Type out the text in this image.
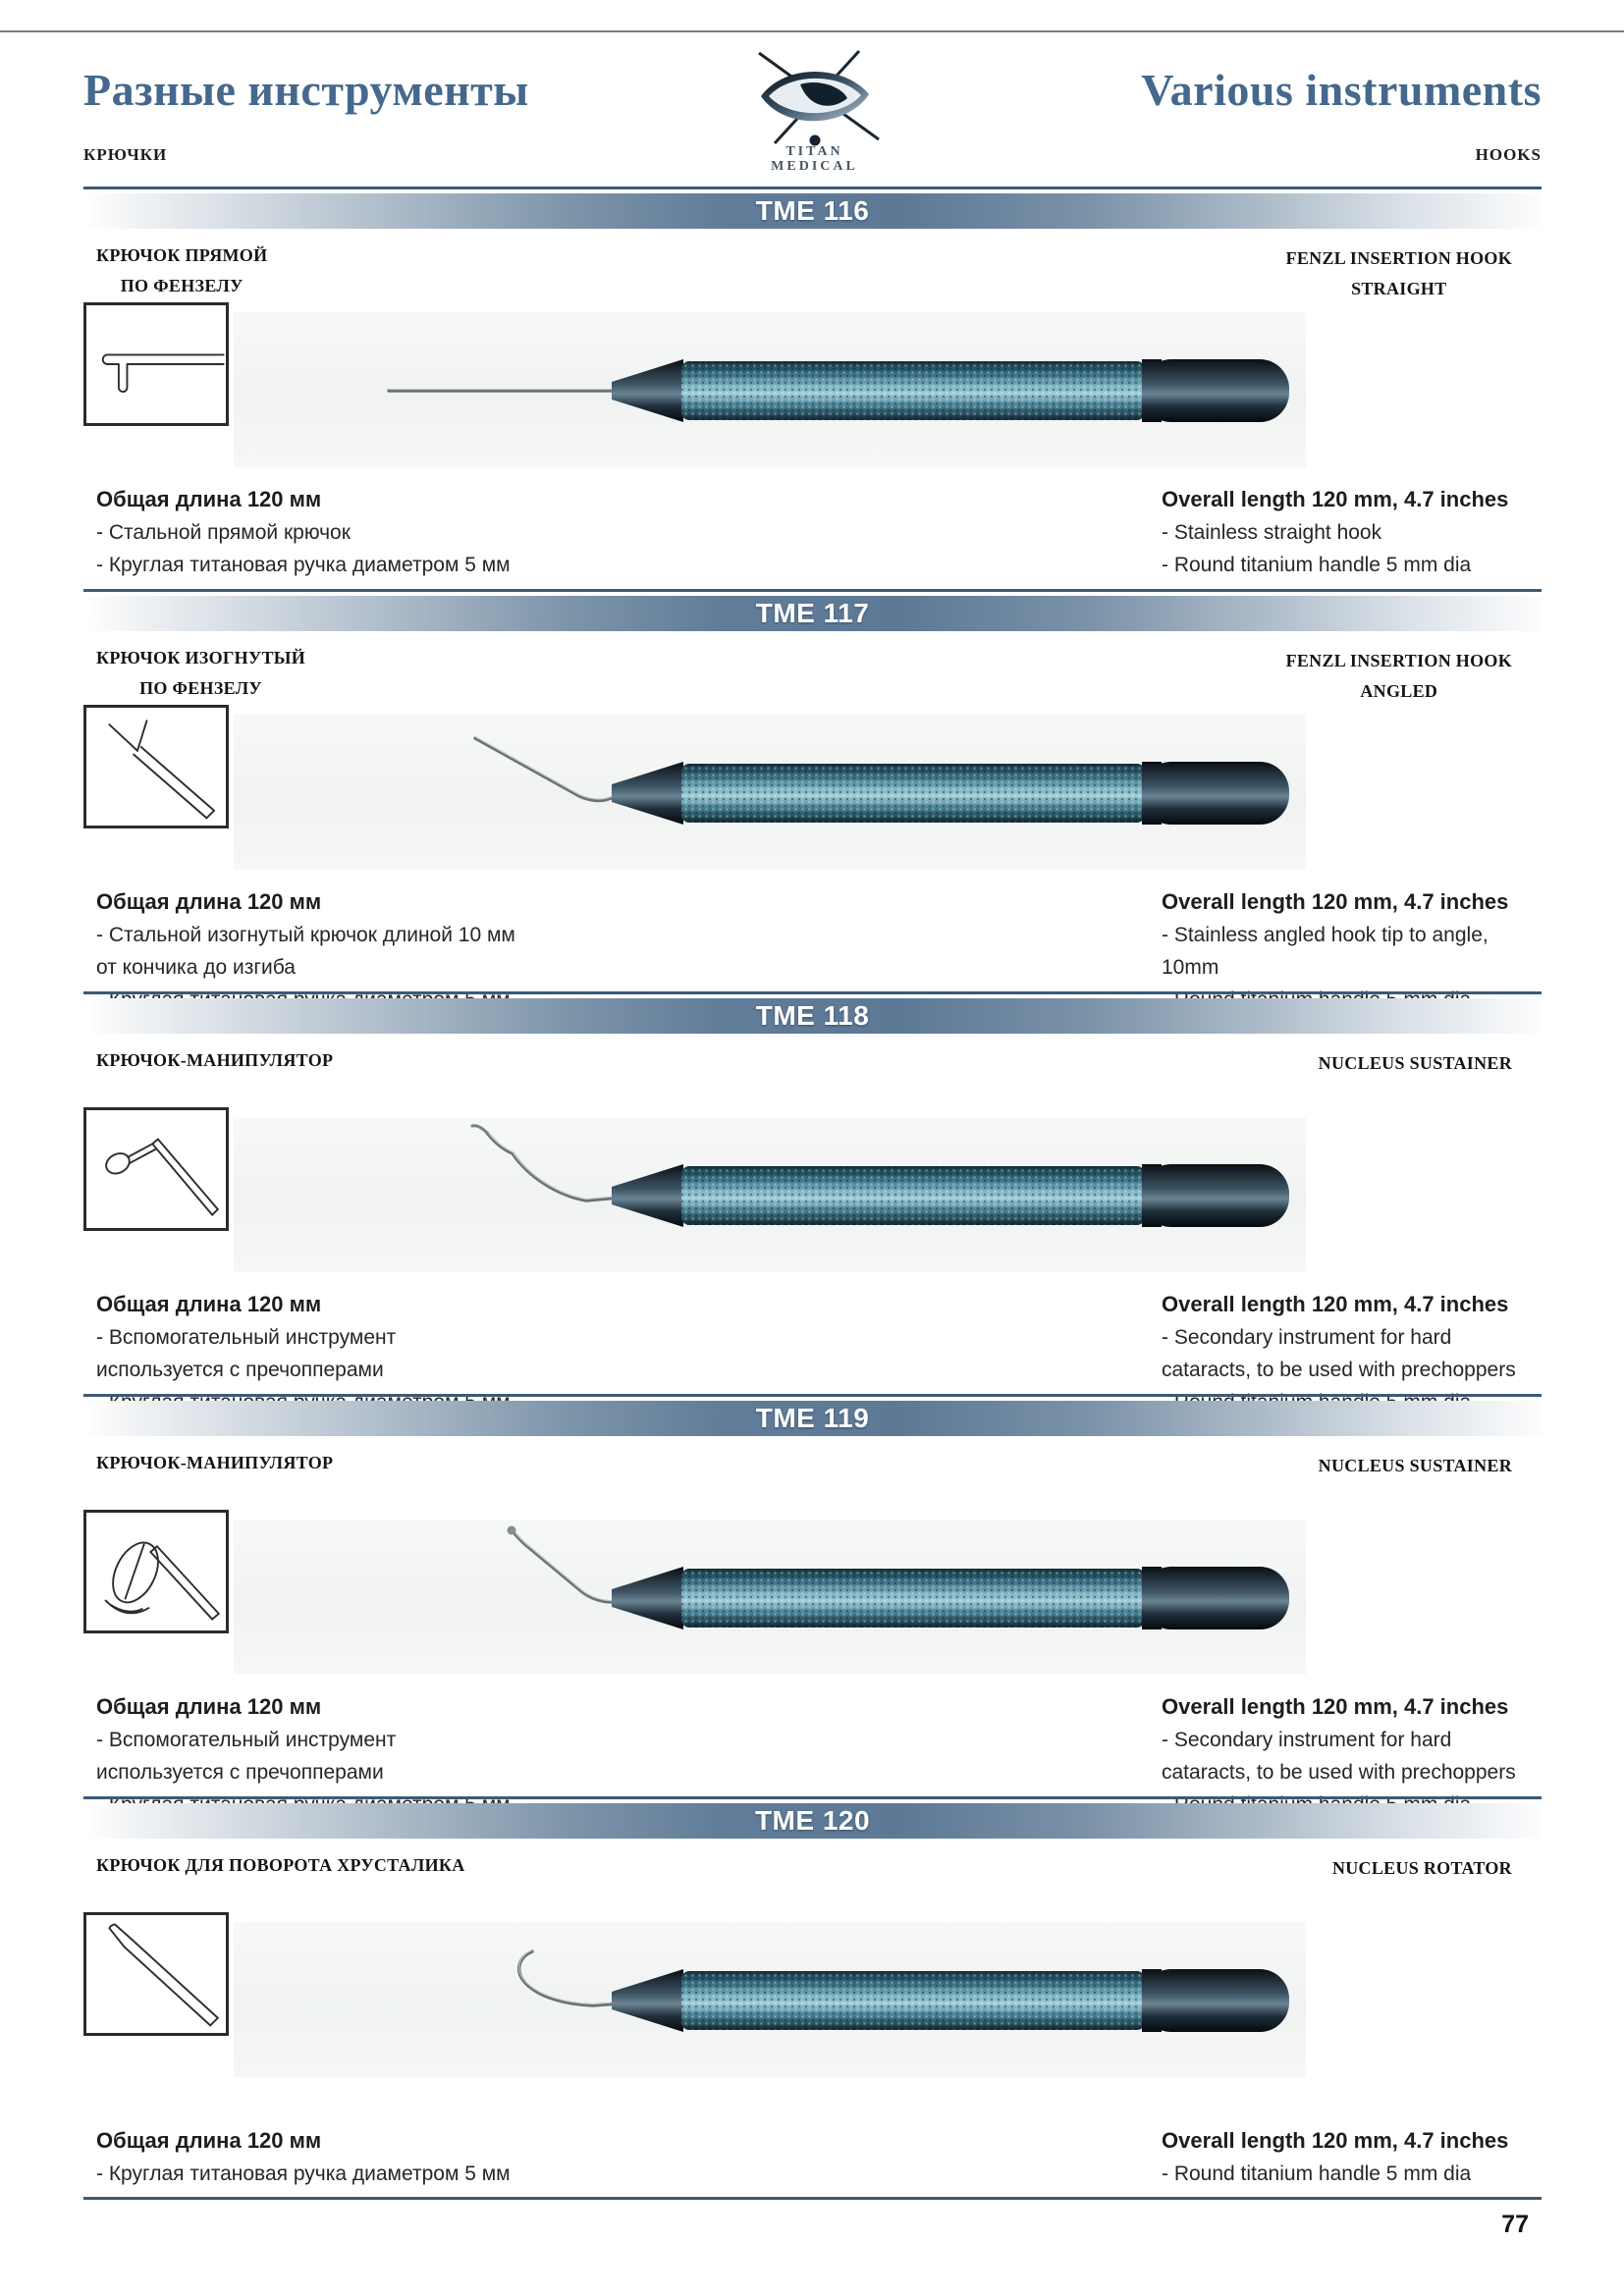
Разные инструменты	Various instruments
TITAN
MEDICAL
КРЮЧКИ	HOOKS
TME 116
КРЮЧОК ПРЯМОЙ
ПО ФЕНЗЕЛУ
FENZL INSERTION HOOK
STRAIGHT
Общая длина 120 мм
- Стальной прямой крючок
- Круглая титановая ручка диаметром 5 мм
Overall length 120 mm, 4.7 inches
- Stainless straight hook
- Round titanium handle 5 mm dia
TME 117
КРЮЧОК ИЗОГНУТЫЙ
ПО ФЕНЗЕЛУ
FENZL INSERTION HOOK
ANGLED
Общая длина 120 мм
- Стальной изогнутый крючок длиной 10 мм
от кончика до изгиба
Overall length 120 mm, 4.7 inches
- Stainless angled hook tip to angle,
10mm
TME 118
КРЮЧОК-МАНИПУЛЯТОР	NUCLEUS SUSTAINER
Общая длина 120 мм
- Вспомогательный инструмент
используется с пречопперами
Overall length 120 mm, 4.7 inches
- Secondary instrument for hard
cataracts, to be used with prechoppers
TME 119
КРЮЧОК-МАНИПУЛЯТОР	NUCLEUS SUSTAINER
Общая длина 120 мм
- Вспомогательный инструмент
используется с пречопперами
Overall length 120 mm, 4.7 inches
- Secondary instrument for hard
cataracts, to be used with prechoppers
TME 120
КРЮЧОК ДЛЯ ПОВОРОТА ХРУСТАЛИКА	NUCLEUS ROTATOR
Общая длина 120 мм
- Круглая титановая ручка диаметром 5 мм
Overall length 120 mm, 4.7 inches
- Round titanium handle 5 mm dia
77
